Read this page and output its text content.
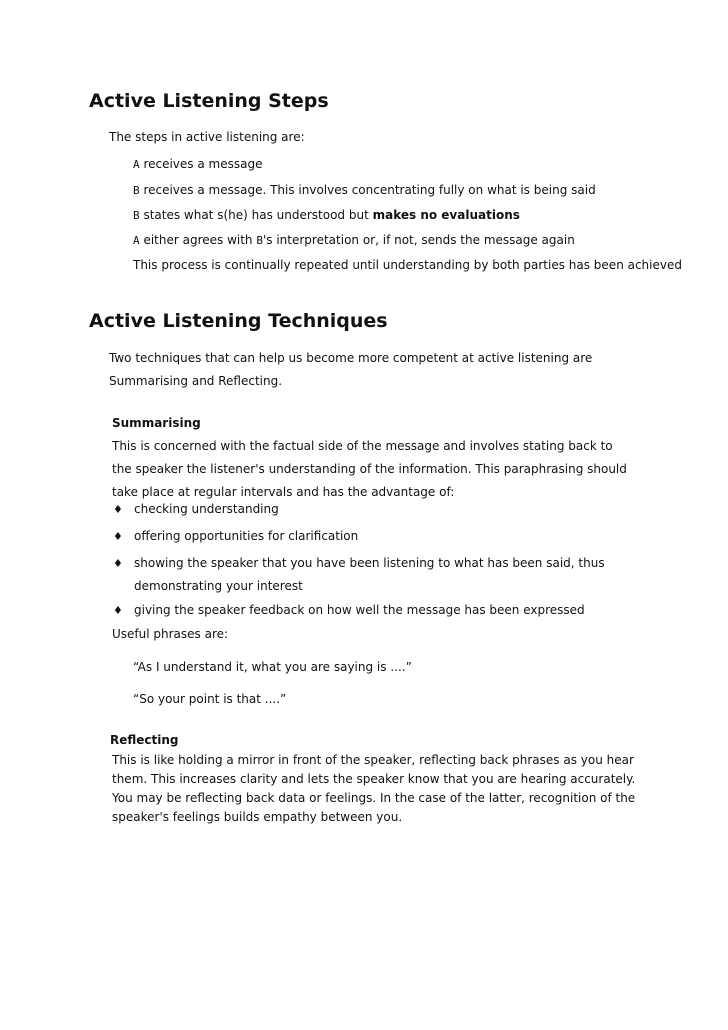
Active Listening Steps
The steps in active listening are:
A receives a message
B receives a message. This involves concentrating fully on what is being said
B states what s(he) has understood but makes no evaluations
A either agrees with B's interpretation or, if not, sends the message again
This process is continually repeated until understanding by both parties has been achieved
Active Listening Techniques
Two techniques that can help us become more competent at active listening are Summarising and Reflecting.
Summarising
This is concerned with the factual side of the message and involves stating back to the speaker the listener's understanding of the information. This paraphrasing should take place at regular intervals and has the advantage of:
♦ checking understanding
♦ offering opportunities for clarification
♦ showing the speaker that you have been listening to what has been said, thus demonstrating your interest
♦ giving the speaker feedback on how well the message has been expressed
Useful phrases are:
“As I understand it, what you are saying is ....”
“So your point is that ....”
Reflecting
This is like holding a mirror in front of the speaker, reflecting back phrases as you hear them. This increases clarity and lets the speaker know that you are hearing accurately. You may be reflecting back data or feelings. In the case of the latter, recognition of the speaker's feelings builds empathy between you.
